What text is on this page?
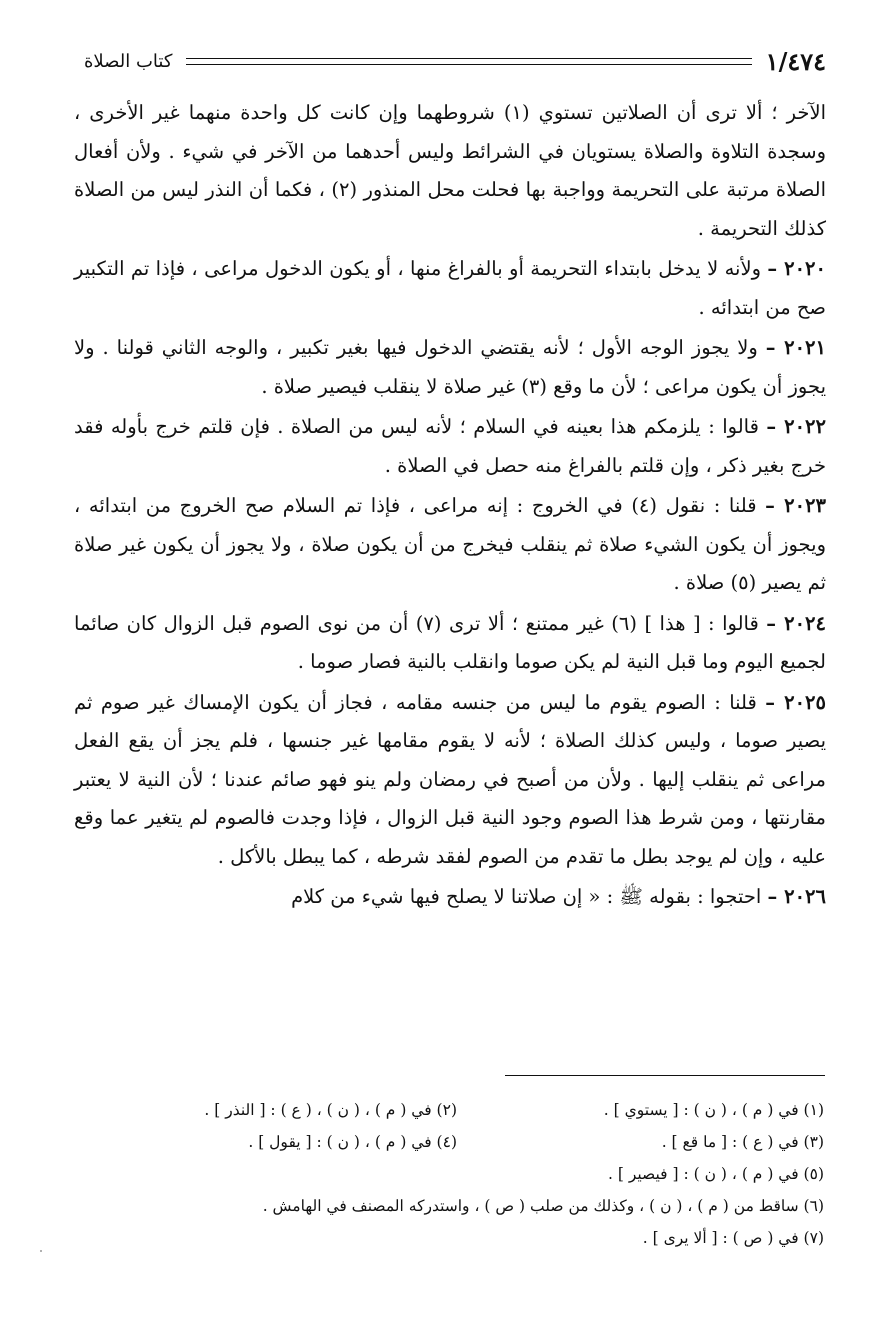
١/٤٧٤
كتاب الصلاة

الآخر ؛ ألا ترى أن الصلاتين تستوي (١) شروطهما وإن كانت كل واحدة منهما غير الأخرى ، وسجدة التلاوة والصلاة يستويان في الشرائط وليس أحدهما من الآخر في شيء . ولأن أفعال الصلاة مرتبة على التحريمة وواجبة بها فحلت محل المنذور (٢) ، فكما أن النذر ليس من الصلاة كذلك التحريمة .

٢٠٢٠ – ولأنه لا يدخل بابتداء التحريمة أو بالفراغ منها ، أو يكون الدخول مراعى ، فإذا تم التكبير صح من ابتدائه .

٢٠٢١ – ولا يجوز الوجه الأول ؛ لأنه يقتضي الدخول فيها بغير تكبير ، والوجه الثاني قولنا . ولا يجوز أن يكون مراعى ؛ لأن ما وقع (٣) غير صلاة لا ينقلب فيصير صلاة .

٢٠٢٢ – قالوا : يلزمكم هذا بعينه في السلام ؛ لأنه ليس من الصلاة . فإن قلتم خرج بأوله فقد خرج بغير ذكر ، وإن قلتم بالفراغ منه حصل في الصلاة .

٢٠٢٣ – قلنا : نقول (٤) في الخروج : إنه مراعى ، فإذا تم السلام صح الخروج من ابتدائه ، ويجوز أن يكون الشيء صلاة ثم ينقلب فيخرج من أن يكون صلاة ، ولا يجوز أن يكون غير صلاة ثم يصير (٥) صلاة .

٢٠٢٤ – قالوا : [ هذا ] (٦) غير ممتنع ؛ ألا ترى (٧) أن من نوى الصوم قبل الزوال كان صائما لجميع اليوم وما قبل النية لم يكن صوما وانقلب بالنية فصار صوما .

٢٠٢٥ – قلنا : الصوم يقوم ما ليس من جنسه مقامه ، فجاز أن يكون الإمساك غير صوم ثم يصير صوما ، وليس كذلك الصلاة ؛ لأنه لا يقوم مقامها غير جنسها ، فلم يجز أن يقع الفعل مراعى ثم ينقلب إليها . ولأن من أصبح في رمضان ولم ينو فهو صائم عندنا ؛ لأن النية لا يعتبر مقارنتها ، ومن شرط هذا الصوم وجود النية قبل الزوال ، فإذا وجدت فالصوم لم يتغير عما وقع عليه ، وإن لم يوجد بطل ما تقدم من الصوم لفقد شرطه ، كما يبطل بالأكل .

٢٠٢٦ – احتجوا : بقوله ﷺ : « إن صلاتنا لا يصلح فيها شيء من كلام

(١) في ( م ) ، ( ن ) : [ يستوي ] .
(٢) في ( م ) ، ( ن ) ، ( ع ) : [ النذر ] .
(٣) في ( ع ) : [ ما قع ] .
(٤) في ( م ) ، ( ن ) : [ يقول ] .
(٥) في ( م ) ، ( ن ) : [ فيصير ] .
(٦) ساقط من ( م ) ، ( ن ) ، وكذلك من صلب ( ص ) ، واستدركه المصنف في الهامش .
(٧) في ( ص ) : [ ألا يرى ] .
